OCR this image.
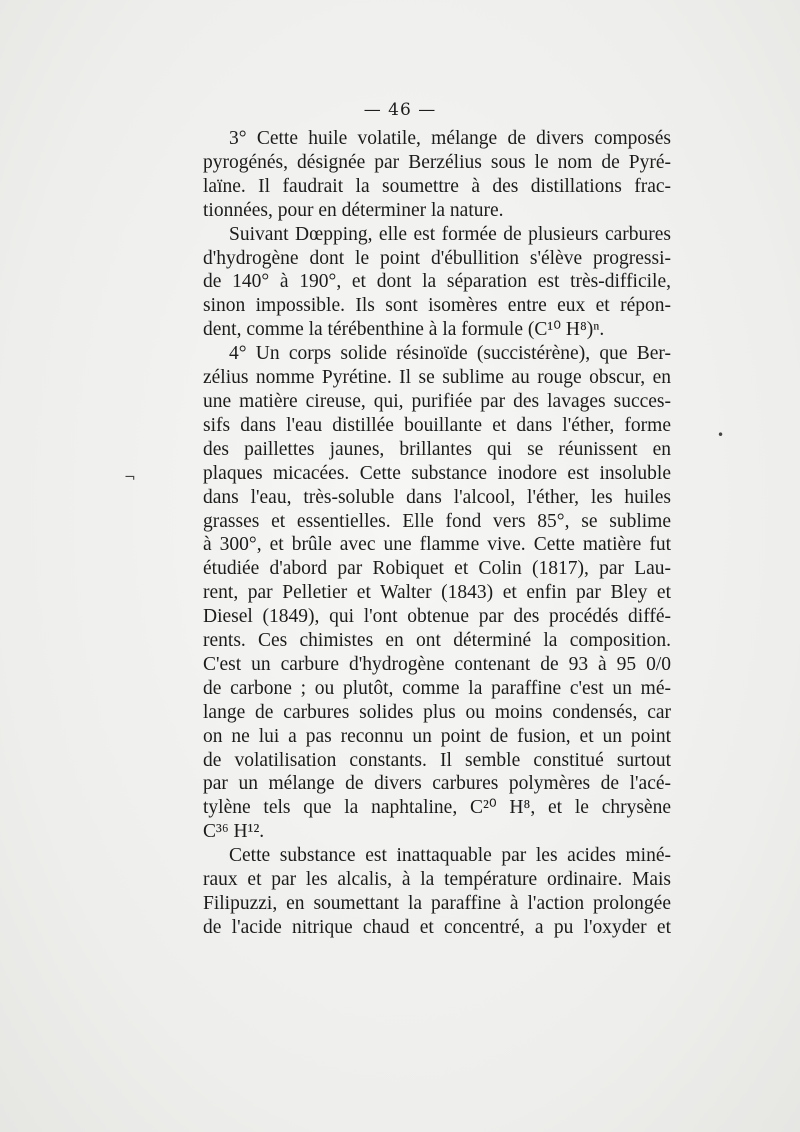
— 46 —
3° Cette huile volatile, mélange de divers composés
pyrogénés, désignée par Berzélius sous le nom de Pyré-
laïne. Il faudrait la soumettre à des distillations frac-
tionnées, pour en déterminer la nature.
Suivant Dœpping, elle est formée de plusieurs carbures
d'hydrogène dont le point d'ébullition s'élève progressi-
de 140° à 190°, et dont la séparation est très-difficile,
sinon impossible. Ils sont isomères entre eux et répon-
dent, comme la térébenthine à la formule (C¹⁰ H⁸)ⁿ.
4° Un corps solide résinoïde (succistérène), que Ber-
zélius nomme Pyrétine. Il se sublime au rouge obscur, en
une matière cireuse, qui, purifiée par des lavages succes-
sifs dans l'eau distillée bouillante et dans l'éther, forme
des paillettes jaunes, brillantes qui se réunissent en
plaques micacées. Cette substance inodore est insoluble
dans l'eau, très-soluble dans l'alcool, l'éther, les huiles
grasses et essentielles. Elle fond vers 85°, se sublime
à 300°, et brûle avec une flamme vive. Cette matière fut
étudiée d'abord par Robiquet et Colin (1817), par Lau-
rent, par Pelletier et Walter (1843) et enfin par Bley et
Diesel (1849), qui l'ont obtenue par des procédés diffé-
rents. Ces chimistes en ont déterminé la composition.
C'est un carbure d'hydrogène contenant de 93 à 95 0/0
de carbone ; ou plutôt, comme la paraffine c'est un mé-
lange de carbures solides plus ou moins condensés, car
on ne lui a pas reconnu un point de fusion, et un point
de volatilisation constants. Il semble constitué surtout
par un mélange de divers carbures polymères de l'acé-
tylène tels que la naphtaline, C²⁰ H⁸, et le chrysène
C³⁶ H¹².
Cette substance est inattaquable par les acides miné-
raux et par les alcalis, à la température ordinaire. Mais
Filipuzzi, en soumettant la paraffine à l'action prolongée
de l'acide nitrique chaud et concentré, a pu l'oxyder et
¬
•
